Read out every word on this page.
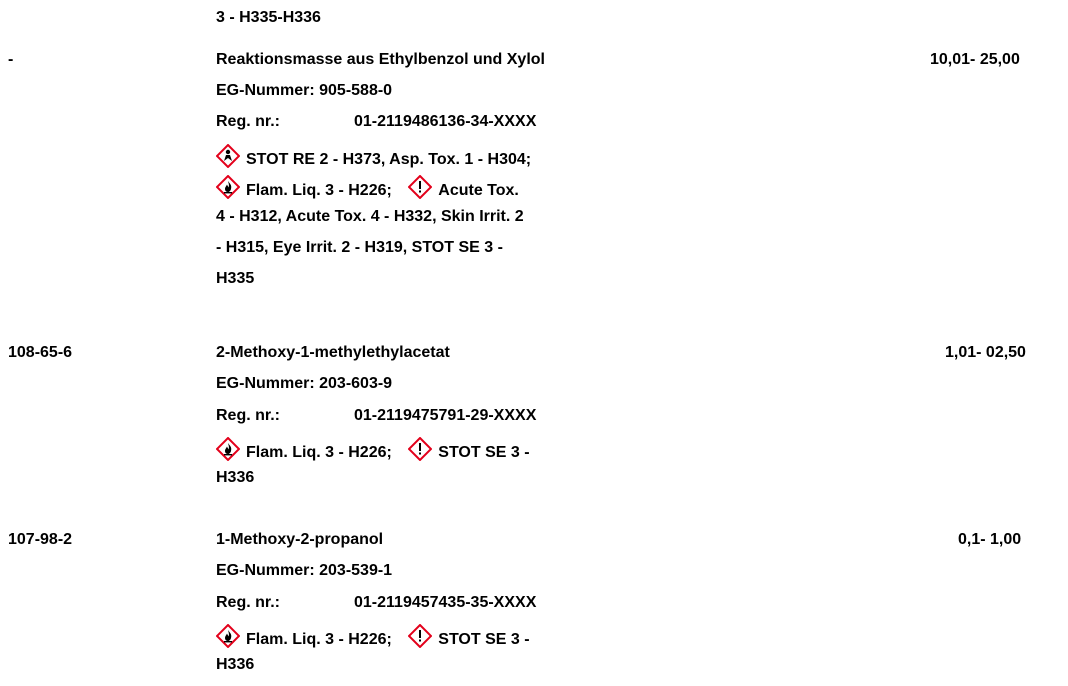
3 - H335-H336
-	Reaktionsmasse aus Ethylbenzol und Xylol	10,01- 25,00
EG-Nummer: 905-588-0
Reg. nr.:	01-2119486136-34-XXXX
STOT RE 2 - H373, Asp. Tox. 1 - H304;
Flam. Liq. 3 - H226;	Acute Tox.
4 - H312, Acute Tox. 4 - H332, Skin Irrit. 2
- H315, Eye Irrit. 2 - H319, STOT SE 3 -
H335
108-65-6	2-Methoxy-1-methylethylacetat	1,01- 02,50
EG-Nummer: 203-603-9
Reg. nr.:	01-2119475791-29-XXXX
Flam. Liq. 3 - H226;	STOT SE 3 -
H336
107-98-2	1-Methoxy-2-propanol	0,1- 1,00
EG-Nummer: 203-539-1
Reg. nr.:	01-2119457435-35-XXXX
Flam. Liq. 3 - H226;	STOT SE 3 -
H336
